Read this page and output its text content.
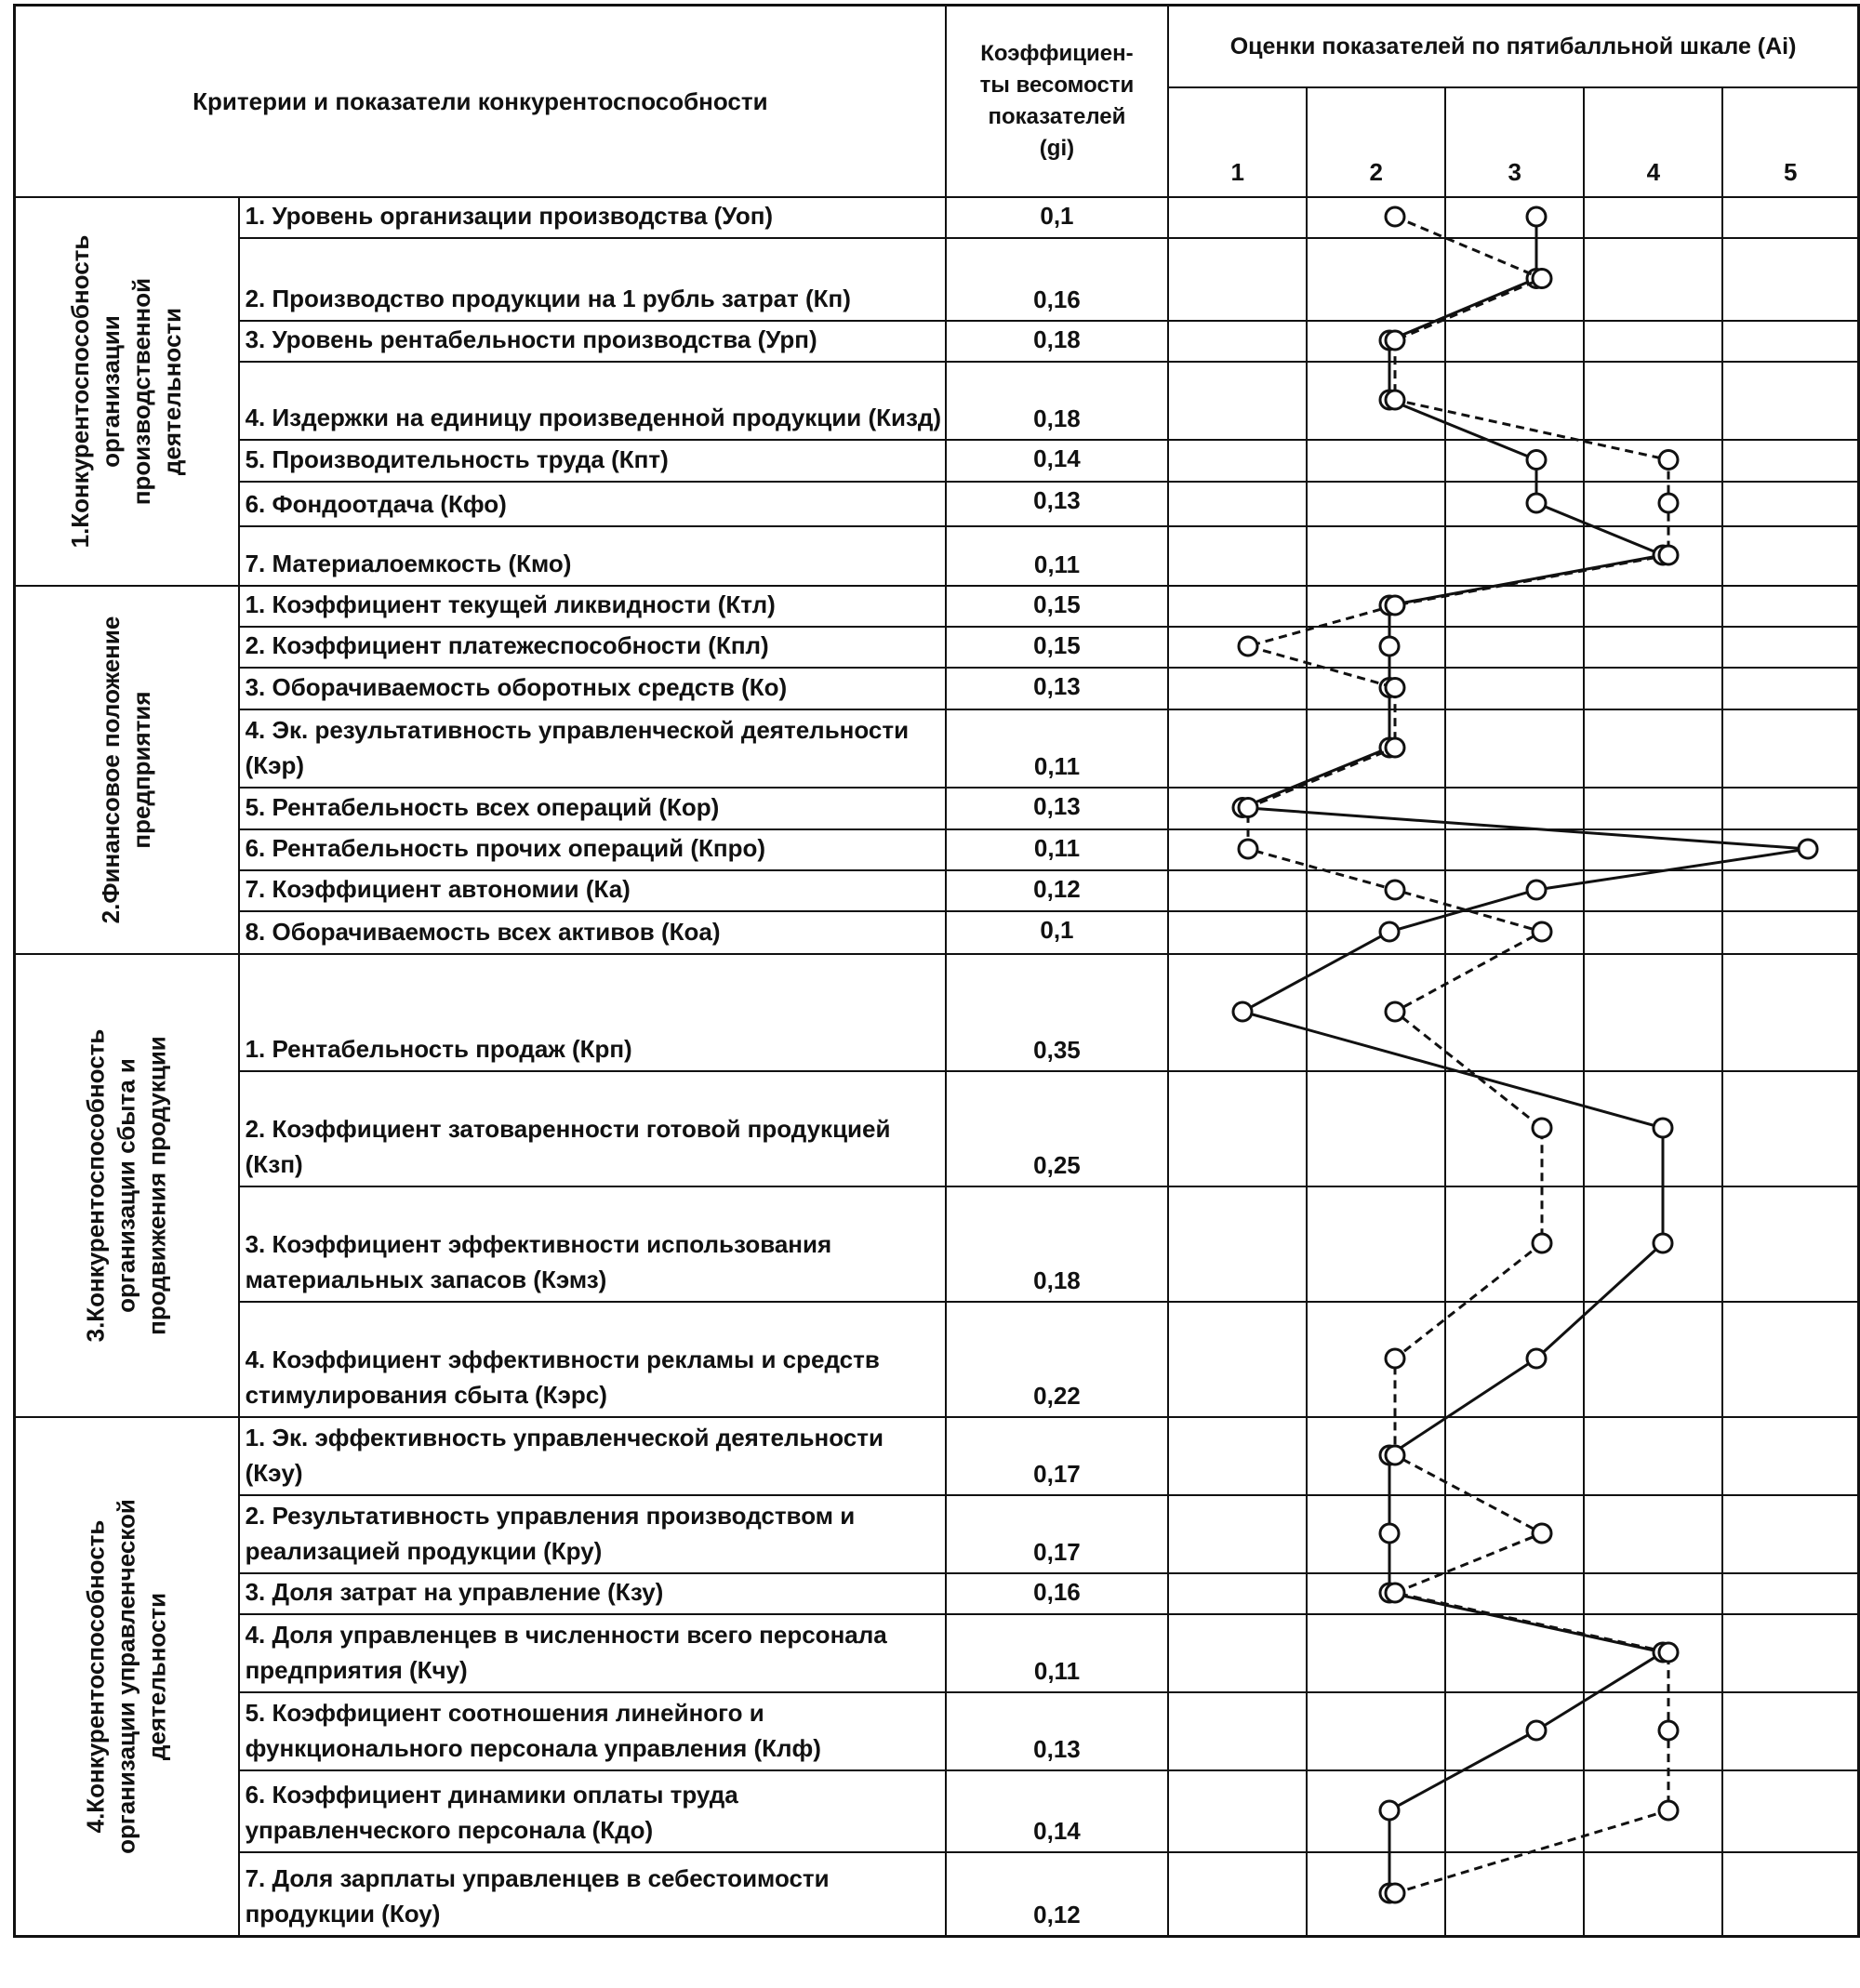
Критерии и показатели конкурентоспособности		Коэффициен-
ты весомости
показателей
(gi)	Оценки показателей по пятибалльной шкале (Ai)				
			1	2	3	4	5

1.Конкурентоспособность
организации
производственной
деятельности	1. Уровень организации производства (Уоп)	0,1					
	2. Производство продукции на 1 рубль затрат (Кп)	0,16					
	3. Уровень рентабельности производства (Урп)	0,18					
	4. Издержки на единицу произведенной продукции (Кизд)	0,18					
	5. Производительность труда (Кпт)	0,14					
	6. Фондоотдача (Кфо)	0,13					
	7. Материалоемкость (Кмо)	0,11					

2.Финансовое положение
предприятия	1. Коэффициент текущей ликвидности (Ктл)	0,15					
	2. Коэффициент платежеспособности (Кпл)	0,15					
	3. Оборачиваемость оборотных средств (Ко)	0,13					
	4. Эк. результативность управленческой деятельности (Кэр)	0,11					
	5. Рентабельность всех операций (Кор)	0,13					
	6. Рентабельность прочих операций (Кпро)	0,11					
	7. Коэффициент автономии (Ка)	0,12					
	8. Оборачиваемость всех активов (Коа)	0,1					

3.Конкурентоспособность
организации сбыта и
продвижения продукции	1. Рентабельность продаж (Крп)	0,35					
	2. Коэффициент затоваренности готовой продукцией (Кзп)	0,25					
	3. Коэффициент эффективности использования материальных запасов (Кэмз)	0,18					
	4. Коэффициент эффективности рекламы и средств стимулирования сбыта (Кэрс)	0,22					

4.Конкурентоспособность
организации управленческой
деятельности	1. Эк. эффективность управленческой деятельности (Кэу)	0,17					
	2. Результативность управления производством и реализацией продукции (Кру)	0,17					
	3. Доля затрат на управление (Кзу)	0,16					
	4. Доля управленцев в численности всего персонала предприятия (Кчу)	0,11					
	5. Коэффициент соотношения линейного и функционального персонала управления (Клф)	0,13					
	6. Коэффициент динамики оплаты труда управленческого персонала (Кдо)	0,14					
	7. Доля зарплаты управленцев в себестоимости продукции (Коу)	0,12					
